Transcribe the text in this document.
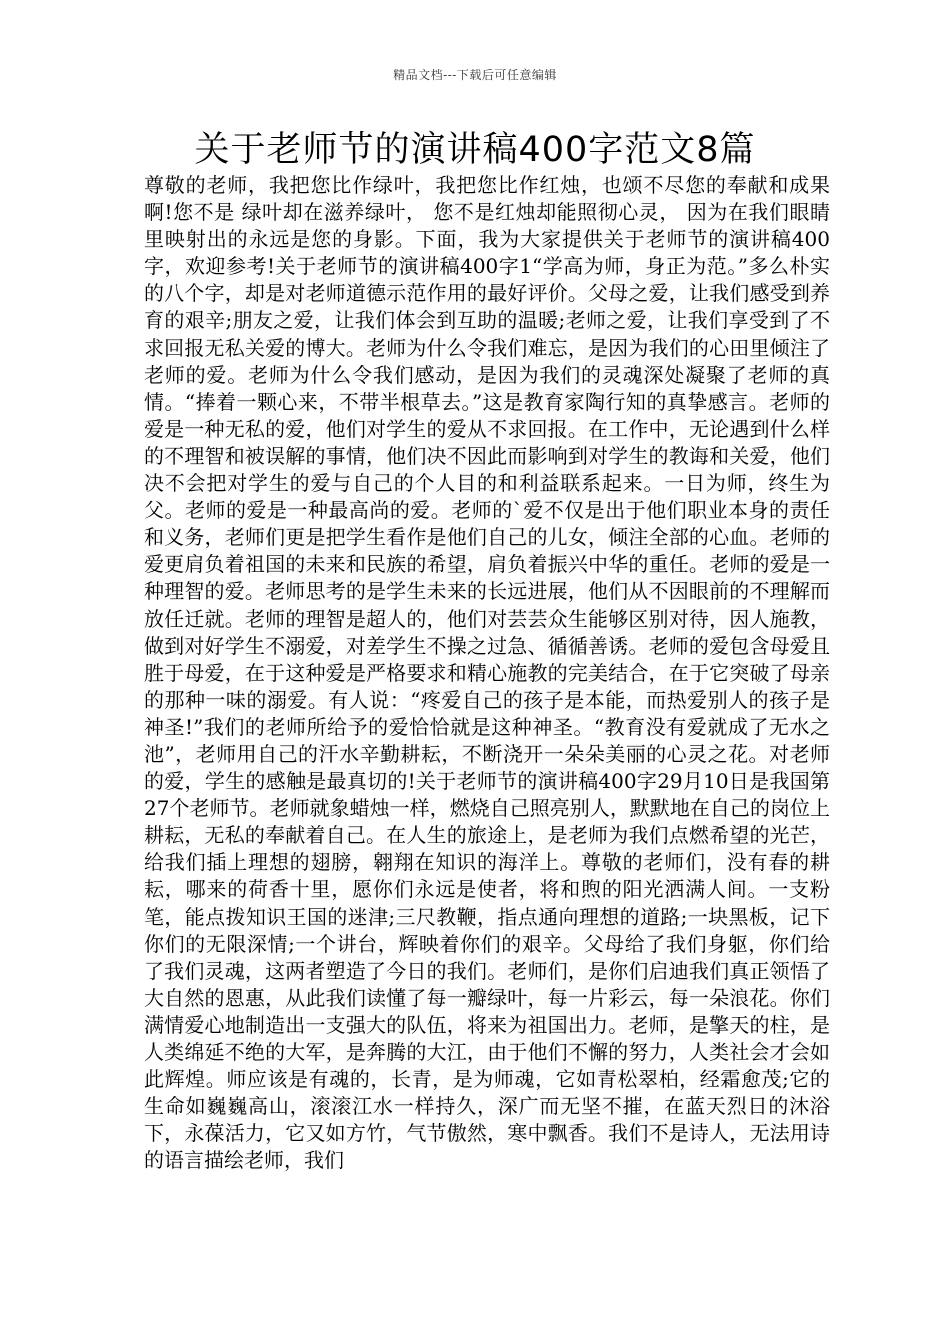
精品文档---下载后可任意编辑
关于老师节的演讲稿400字范文8篇

尊敬的老师，我把您比作绿叶，我把您比作红烛，也颂不尽您的奉献和成果啊!您不是 绿叶却在滋养绿叶， 您不是红烛却能照彻心灵， 因为在我们眼睛里映射出的永远是您的身影。下面，我为大家提供关于老师节的演讲稿400字，欢迎参考!关于老师节的演讲稿400字1“学高为师，身正为范。”多么朴实的八个字，却是对老师道德示范作用的最好评价。父母之爱，让我们感受到养育的艰辛;朋友之爱，让我们体会到互助的温暖;老师之爱，让我们享受到了不求回报无私关爱的博大。老师为什么令我们难忘，是因为我们的心田里倾注了老师的爱。老师为什么令我们感动，是因为我们的灵魂深处凝聚了老师的真情。“捧着一颗心来，不带半根草去。”这是教育家陶行知的真挚感言。老师的爱是一种无私的爱，他们对学生的爱从不求回报。在工作中，无论遇到什么样的不理智和被误解的事情，他们决不因此而影响到对学生的教诲和关爱，他们决不会把对学生的爱与自己的个人目的和利益联系起来。一日为师，终生为父。老师的爱是一种最高尚的爱。老师的`爱不仅是出于他们职业本身的责任和义务，老师们更是把学生看作是他们自己的儿女，倾注全部的心血。老师的爱更肩负着祖国的未来和民族的希望，肩负着振兴中华的重任。老师的爱是一种理智的爱。老师思考的是学生未来的长远进展，他们从不因眼前的不理解而放任迁就。老师的理智是超人的，他们对芸芸众生能够区别对待，因人施教，做到对好学生不溺爱，对差学生不操之过急、循循善诱。老师的爱包含母爱且胜于母爱，在于这种爱是严格要求和精心施教的完美结合，在于它突破了母亲的那种一味的溺爱。有人说：“疼爱自己的孩子是本能，而热爱别人的孩子是神圣!”我们的老师所给予的爱恰恰就是这种神圣。“教育没有爱就成了无水之池”，老师用自己的汗水辛勤耕耘，不断浇开一朵朵美丽的心灵之花。对老师的爱，学生的感触是最真切的!关于老师节的演讲稿400字29月10日是我国第27个老师节。老师就象蜡烛一样，燃烧自己照亮别人，默默地在自己的岗位上耕耘，无私的奉献着自己。在人生的旅途上，是老师为我们点燃希望的光芒，给我们插上理想的翅膀，翱翔在知识的海洋上。尊敬的老师们，没有春的耕耘，哪来的荷香十里，愿你们永远是使者，将和煦的阳光洒满人间。一支粉笔，能点拨知识王国的迷津;三尺教鞭，指点通向理想的道路;一块黑板，记下你们的无限深情;一个讲台，辉映着你们的艰辛。父母给了我们身躯，你们给了我们灵魂，这两者塑造了今日的我们。老师们，是你们启迪我们真正领悟了大自然的恩惠，从此我们读懂了每一瓣绿叶，每一片彩云，每一朵浪花。你们满情爱心地制造出一支强大的队伍，将来为祖国出力。老师，是擎天的柱，是人类绵延不绝的大军，是奔腾的大江，由于他们不懈的努力，人类社会才会如此辉煌。师应该是有魂的，长青，是为师魂，它如青松翠柏，经霜愈茂;它的生命如巍巍高山，滚滚江水一样持久，深广而无坚不摧，在蓝天烈日的沐浴下，永葆活力，它又如方竹，气节傲然，寒中飘香。我们不是诗人，无法用诗的语言描绘老师，我们
